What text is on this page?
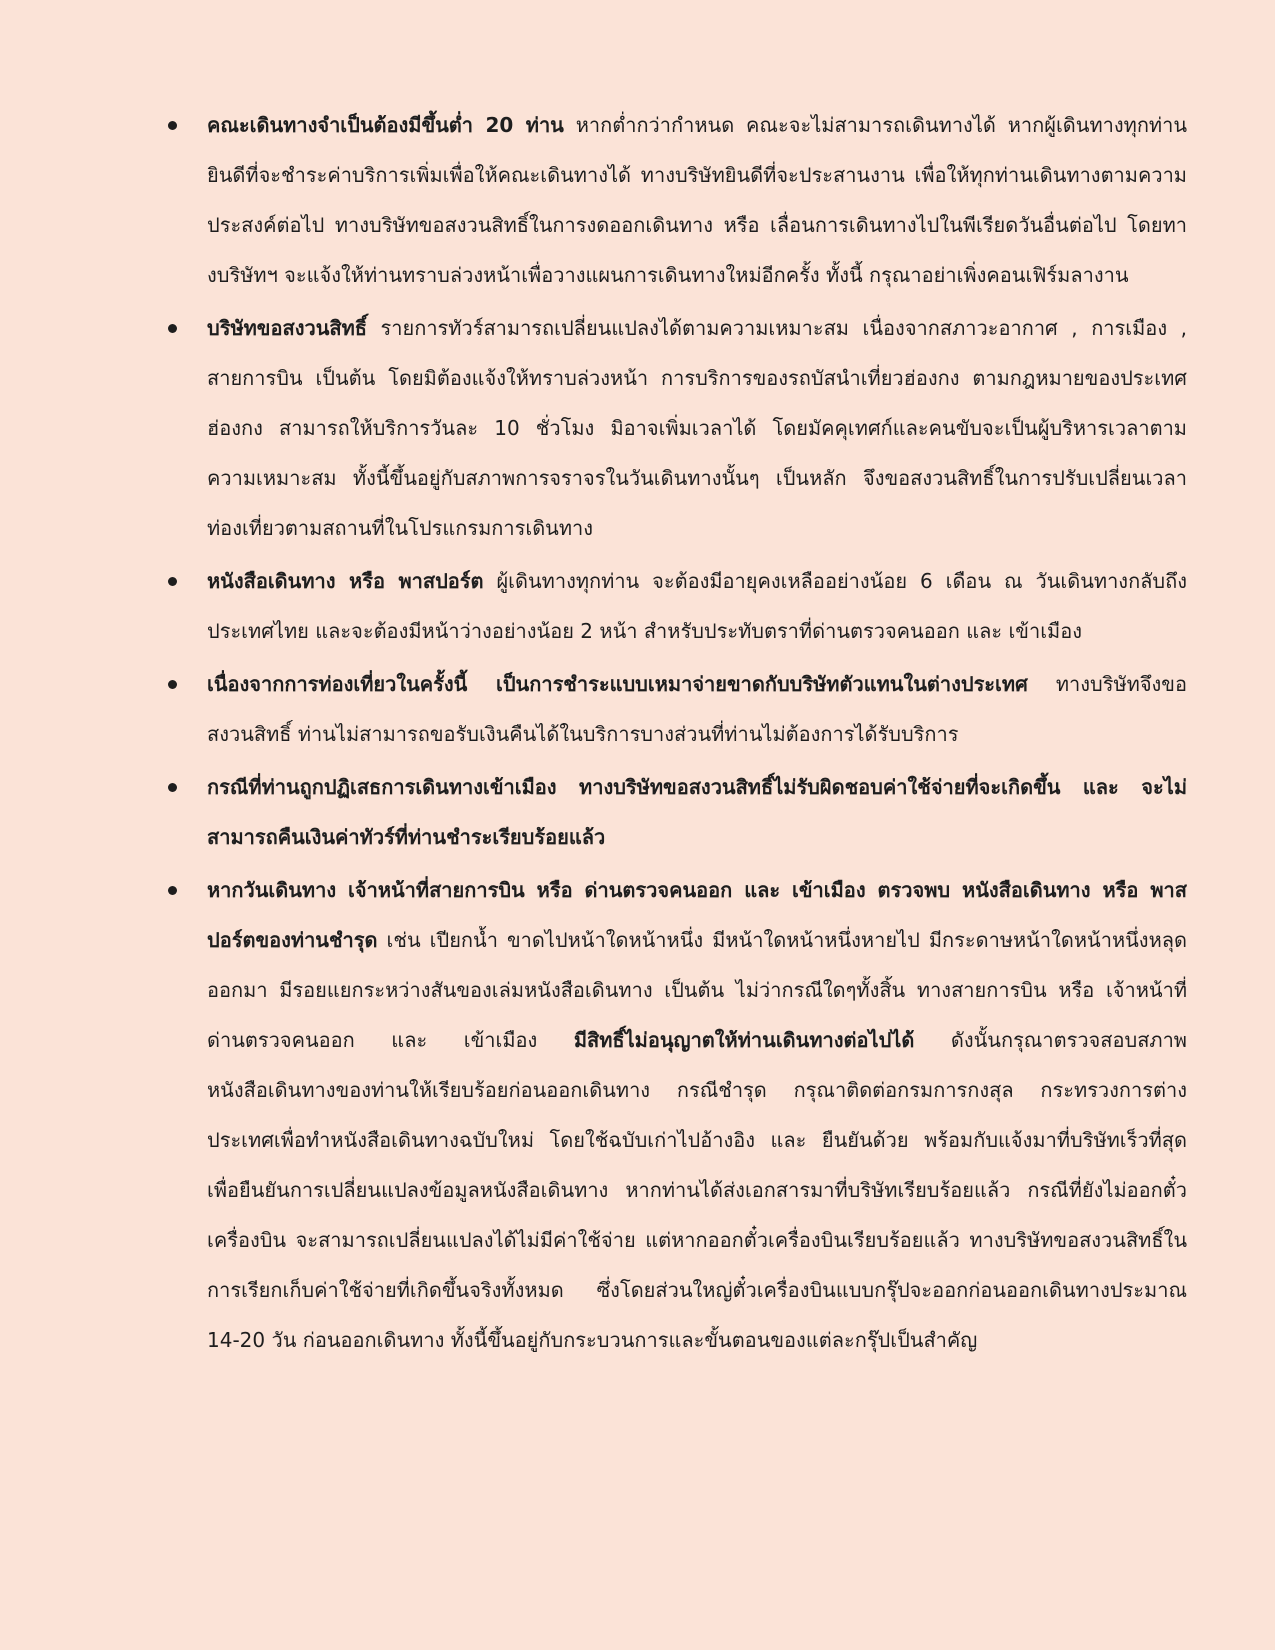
คณะเดินทางจำเป็นต้องมีขึ้นต่ำ 20 ท่าน หากต่ำกว่ากำหนด คณะจะไม่สามารถเดินทางได้ หากผู้เดินทางทุกท่านยินดีที่จะชำระค่าบริการเพิ่มเพื่อให้คณะเดินทางได้ ทางบริษัทยินดีที่จะประสานงาน เพื่อให้ทุกท่านเดินทางตามความประสงค์ต่อไป ทางบริษัทขอสงวนสิทธิ์ในการงดออกเดินทาง หรือ เลื่อนการเดินทางไปในพีเรียดวันอื่นต่อไป โดยทางบริษัทฯ จะแจ้งให้ท่านทราบล่วงหน้าเพื่อวางแผนการเดินทางใหม่อีกครั้ง ทั้งนี้ กรุณาอย่าเพิ่งคอนเฟิร์มลางาน
บริษัทขอสงวนสิทธิ์ รายการทัวร์สามารถเปลี่ยนแปลงได้ตามความเหมาะสม เนื่องจากสภาวะอากาศ , การเมือง , สายการบิน เป็นต้น โดยมิต้องแจ้งให้ทราบล่วงหน้า การบริการของรถบัสนำเที่ยวฮ่องกง ตามกฎหมายของประเทศฮ่องกง สามารถให้บริการวันละ 10 ชั่วโมง มิอาจเพิ่มเวลาได้ โดยมัคคุเทศก์และคนขับจะเป็นผู้บริหารเวลาตามความเหมาะสม ทั้งนี้ขึ้นอยู่กับสภาพการจราจรในวันเดินทางนั้นๆ เป็นหลัก จึงขอสงวนสิทธิ์ในการปรับเปลี่ยนเวลาท่องเที่ยวตามสถานที่ในโปรแกรมการเดินทาง
หนังสือเดินทาง หรือ พาสปอร์ต ผู้เดินทางทุกท่าน จะต้องมีอายุคงเหลืออย่างน้อย 6 เดือน ณ วันเดินทางกลับถึงประเทศไทย และจะต้องมีหน้าว่างอย่างน้อย 2 หน้า สำหรับประทับตราที่ด่านตรวจคนออก และ เข้าเมือง
เนื่องจากการท่องเที่ยวในครั้งนี้ เป็นการชำระแบบเหมาจ่ายขาดกับบริษัทตัวแทนในต่างประเทศ ทางบริษัทจึงขอสงวนสิทธิ์ ท่านไม่สามารถขอรับเงินคืนได้ในบริการบางส่วนที่ท่านไม่ต้องการได้รับบริการ
กรณีที่ท่านถูกปฏิเสธการเดินทางเข้าเมือง ทางบริษัทขอสงวนสิทธิ์ไม่รับผิดชอบค่าใช้จ่ายที่จะเกิดขึ้น และ จะไม่สามารถคืนเงินค่าทัวร์ที่ท่านชำระเรียบร้อยแล้ว
หากวันเดินทาง เจ้าหน้าที่สายการบิน หรือ ด่านตรวจคนออก และ เข้าเมือง ตรวจพบ หนังสือเดินทาง หรือ พาสปอร์ตของท่านชำรุด เช่น เปียกน้ำ ขาดไปหน้าใดหน้าหนึ่ง มีหน้าใดหน้าหนึ่งหายไป มีกระดาษหน้าใดหน้าหนึ่งหลุดออกมา มีรอยแยกระหว่างสันของเล่มหนังสือเดินทาง เป็นต้น ไม่ว่ากรณีใดๆทั้งสิ้น ทางสายการบิน หรือ เจ้าหน้าที่ด่านตรวจคนออก และ เข้าเมือง มีสิทธิ์ไม่อนุญาตให้ท่านเดินทางต่อไปได้ ดังนั้นกรุณาตรวจสอบสภาพหนังสือเดินทางของท่านให้เรียบร้อยก่อนออกเดินทาง กรณีชำรุด กรุณาติดต่อกรมการกงสุล กระทรวงการต่างประเทศเพื่อทำหนังสือเดินทางฉบับใหม่ โดยใช้ฉบับเก่าไปอ้างอิง และ ยืนยันด้วย พร้อมกับแจ้งมาที่บริษัทเร็วที่สุด เพื่อยืนยันการเปลี่ยนแปลงข้อมูลหนังสือเดินทาง หากท่านได้ส่งเอกสารมาที่บริษัทเรียบร้อยแล้ว กรณีที่ยังไม่ออกตั๋วเครื่องบิน จะสามารถเปลี่ยนแปลงได้ไม่มีค่าใช้จ่าย แต่หากออกตั๋วเครื่องบินเรียบร้อยแล้ว ทางบริษัทขอสงวนสิทธิ์ในการเรียกเก็บค่าใช้จ่ายที่เกิดขึ้นจริงทั้งหมด ซึ่งโดยส่วนใหญ่ตั๋วเครื่องบินแบบกรุ๊ปจะออกก่อนออกเดินทางประมาณ 14-20 วัน ก่อนออกเดินทาง ทั้งนี้ขึ้นอยู่กับกระบวนการและขั้นตอนของแต่ละกรุ๊ปเป็นสำคัญ
